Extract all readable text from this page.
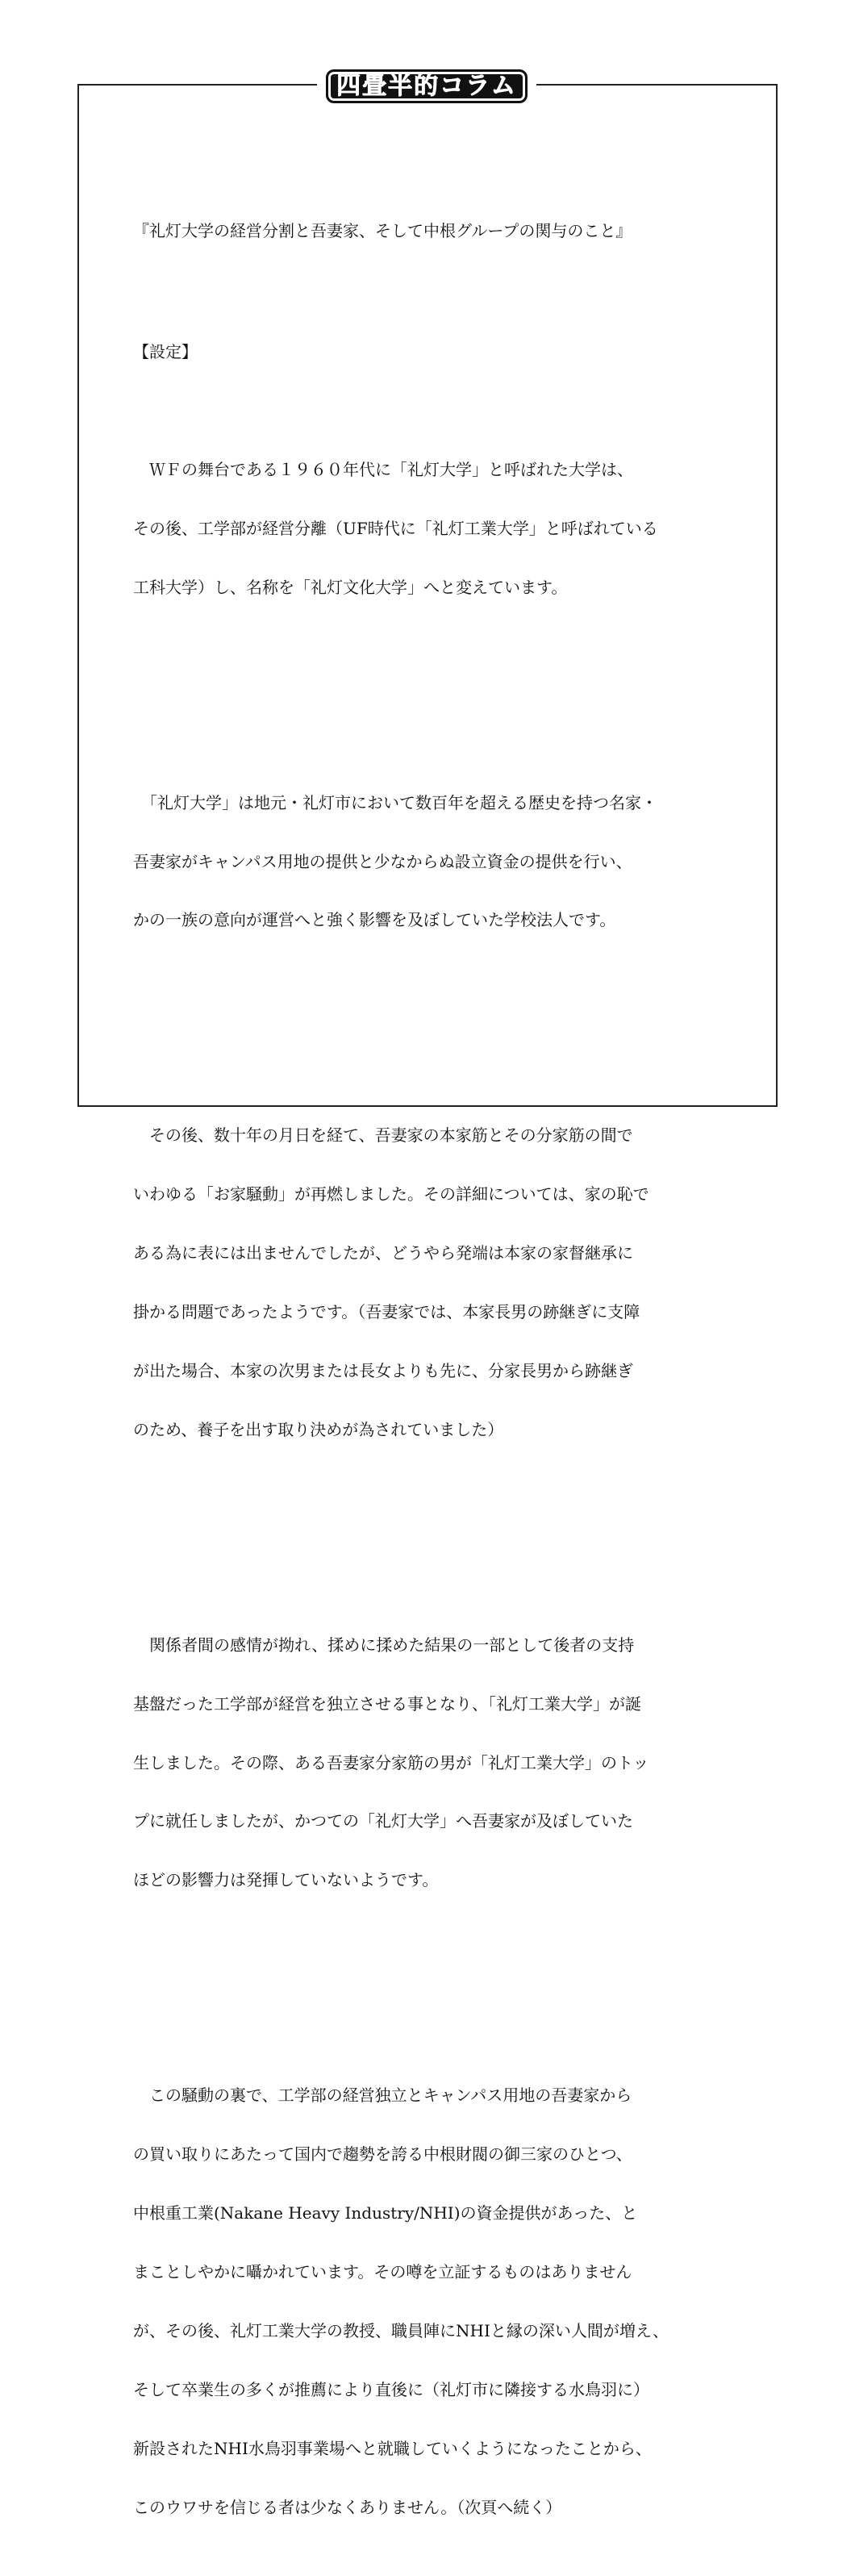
四畳半的コラム

『礼灯大学の経営分割と吾妻家、そして中根グループの関与のこと』

【設定】

　ＷＦの舞台である１９６０年代に「礼灯大学」と呼ばれた大学は、

その後、工学部が経営分離（UF時代に「礼灯工業大学」と呼ばれている

工科大学）し、名称を「礼灯文化大学」へと変えています。

　「礼灯大学」は地元・礼灯市において数百年を超える歴史を持つ名家・

吾妻家がキャンパス用地の提供と少なからぬ設立資金の提供を行い、

かの一族の意向が運営へと強く影響を及ぼしていた学校法人です。

　その後、数十年の月日を経て、吾妻家の本家筋とその分家筋の間で

いわゆる「お家騒動」が再燃しました。その詳細については、家の恥で

ある為に表には出ませんでしたが、どうやら発端は本家の家督継承に

掛かる問題であったようです。（吾妻家では、本家長男の跡継ぎに支障

が出た場合、本家の次男または長女よりも先に、分家長男から跡継ぎ

のため、養子を出す取り決めが為されていました）

　関係者間の感情が拗れ、揉めに揉めた結果の一部として後者の支持

基盤だった工学部が経営を独立させる事となり、「礼灯工業大学」が誕

生しました。その際、ある吾妻家分家筋の男が「礼灯工業大学」のトッ

プに就任しましたが、かつての「礼灯大学」へ吾妻家が及ぼしていた

ほどの影響力は発揮していないようです。

　この騒動の裏で、工学部の経営独立とキャンパス用地の吾妻家から

の買い取りにあたって国内で趨勢を誇る中根財閥の御三家のひとつ、

中根重工業(Nakane Heavy Industry/NHI)の資金提供があった、と

まことしやかに囁かれています。その噂を立証するものはありません

が、その後、礼灯工業大学の教授、職員陣にNHIと縁の深い人間が増え、

そして卒業生の多くが推薦により直後に（礼灯市に隣接する水鳥羽に）

新設されたNHI水鳥羽事業場へと就職していくようになったことから、

このウワサを信じる者は少なくありません。（次頁へ続く）
